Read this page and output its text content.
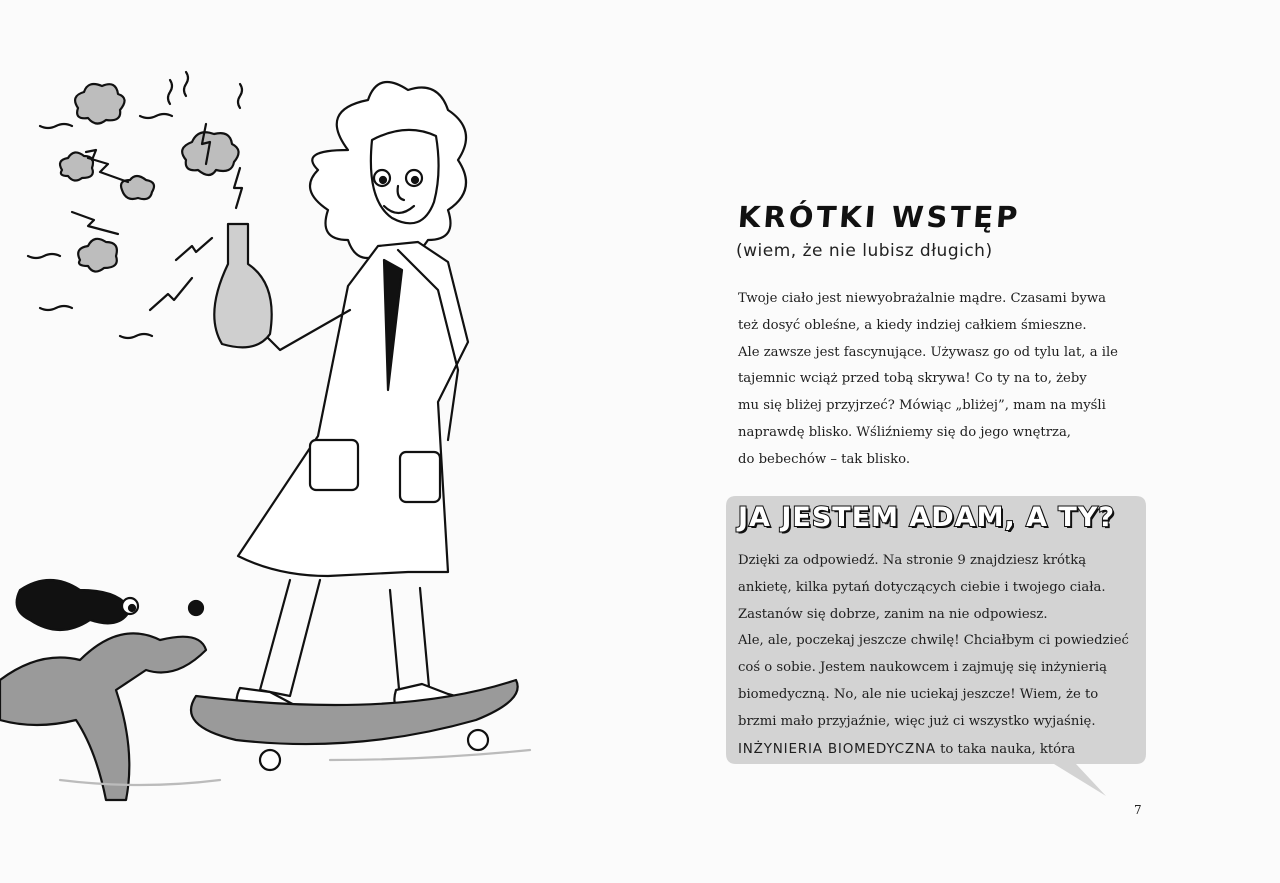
KRÓTKI WSTĘP

(wiem, że nie lubisz długich)

Twoje ciało jest niewyobrażalnie mądre. Czasami bywa
też dosyć obleśne, a kiedy indziej całkiem śmieszne.
Ale zawsze jest fascynujące. Używasz go od tylu lat, a ile
tajemnic wciąż przed tobą skrywa! Co ty na to, żeby
mu się bliżej przyjrzeć? Mówiąc „bliżej”, mam na myśli
naprawdę blisko. Wśliźniemy się do jego wnętrza,
do bebechów – tak blisko.

JA JESTEM ADAM, A TY?
Dzięki za odpowiedź. Na stronie 9 znajdziesz krótką
ankietę, kilka pytań dotyczących ciebie i twojego ciała.
Zastanów się dobrze, zanim na nie odpowiesz.
Ale, ale, poczekaj jeszcze chwilę! Chciałbym ci powiedzieć
coś o sobie. Jestem naukowcem i zajmuję się inżynierią
biomedyczną. No, ale nie uciekaj jeszcze! Wiem, że to
brzmi mało przyjaźnie, więc już ci wszystko wyjaśnię.
INŻYNIERIA BIOMEDYCZNA to taka nauka, która
7
